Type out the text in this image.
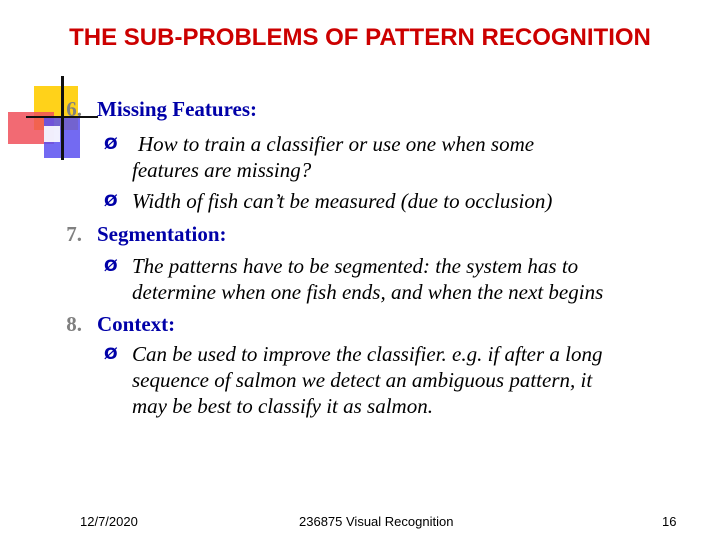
THE SUB-PROBLEMS OF PATTERN RECOGNITION
6. Missing Features:
Ø How to train a classifier or use one when some
features are missing?
Ø Width of fish can’t be measured (due to occlusion)
7. Segmentation:
Ø The patterns have to be segmented: the system has to
determine when one fish ends, and when the next begins
8. Context:
Ø Can be used to improve the classifier. e.g. if after a long
sequence of salmon we detect an ambiguous pattern, it
may be best to classify it as salmon.
12/7/2020	236875 Visual Recognition	16
